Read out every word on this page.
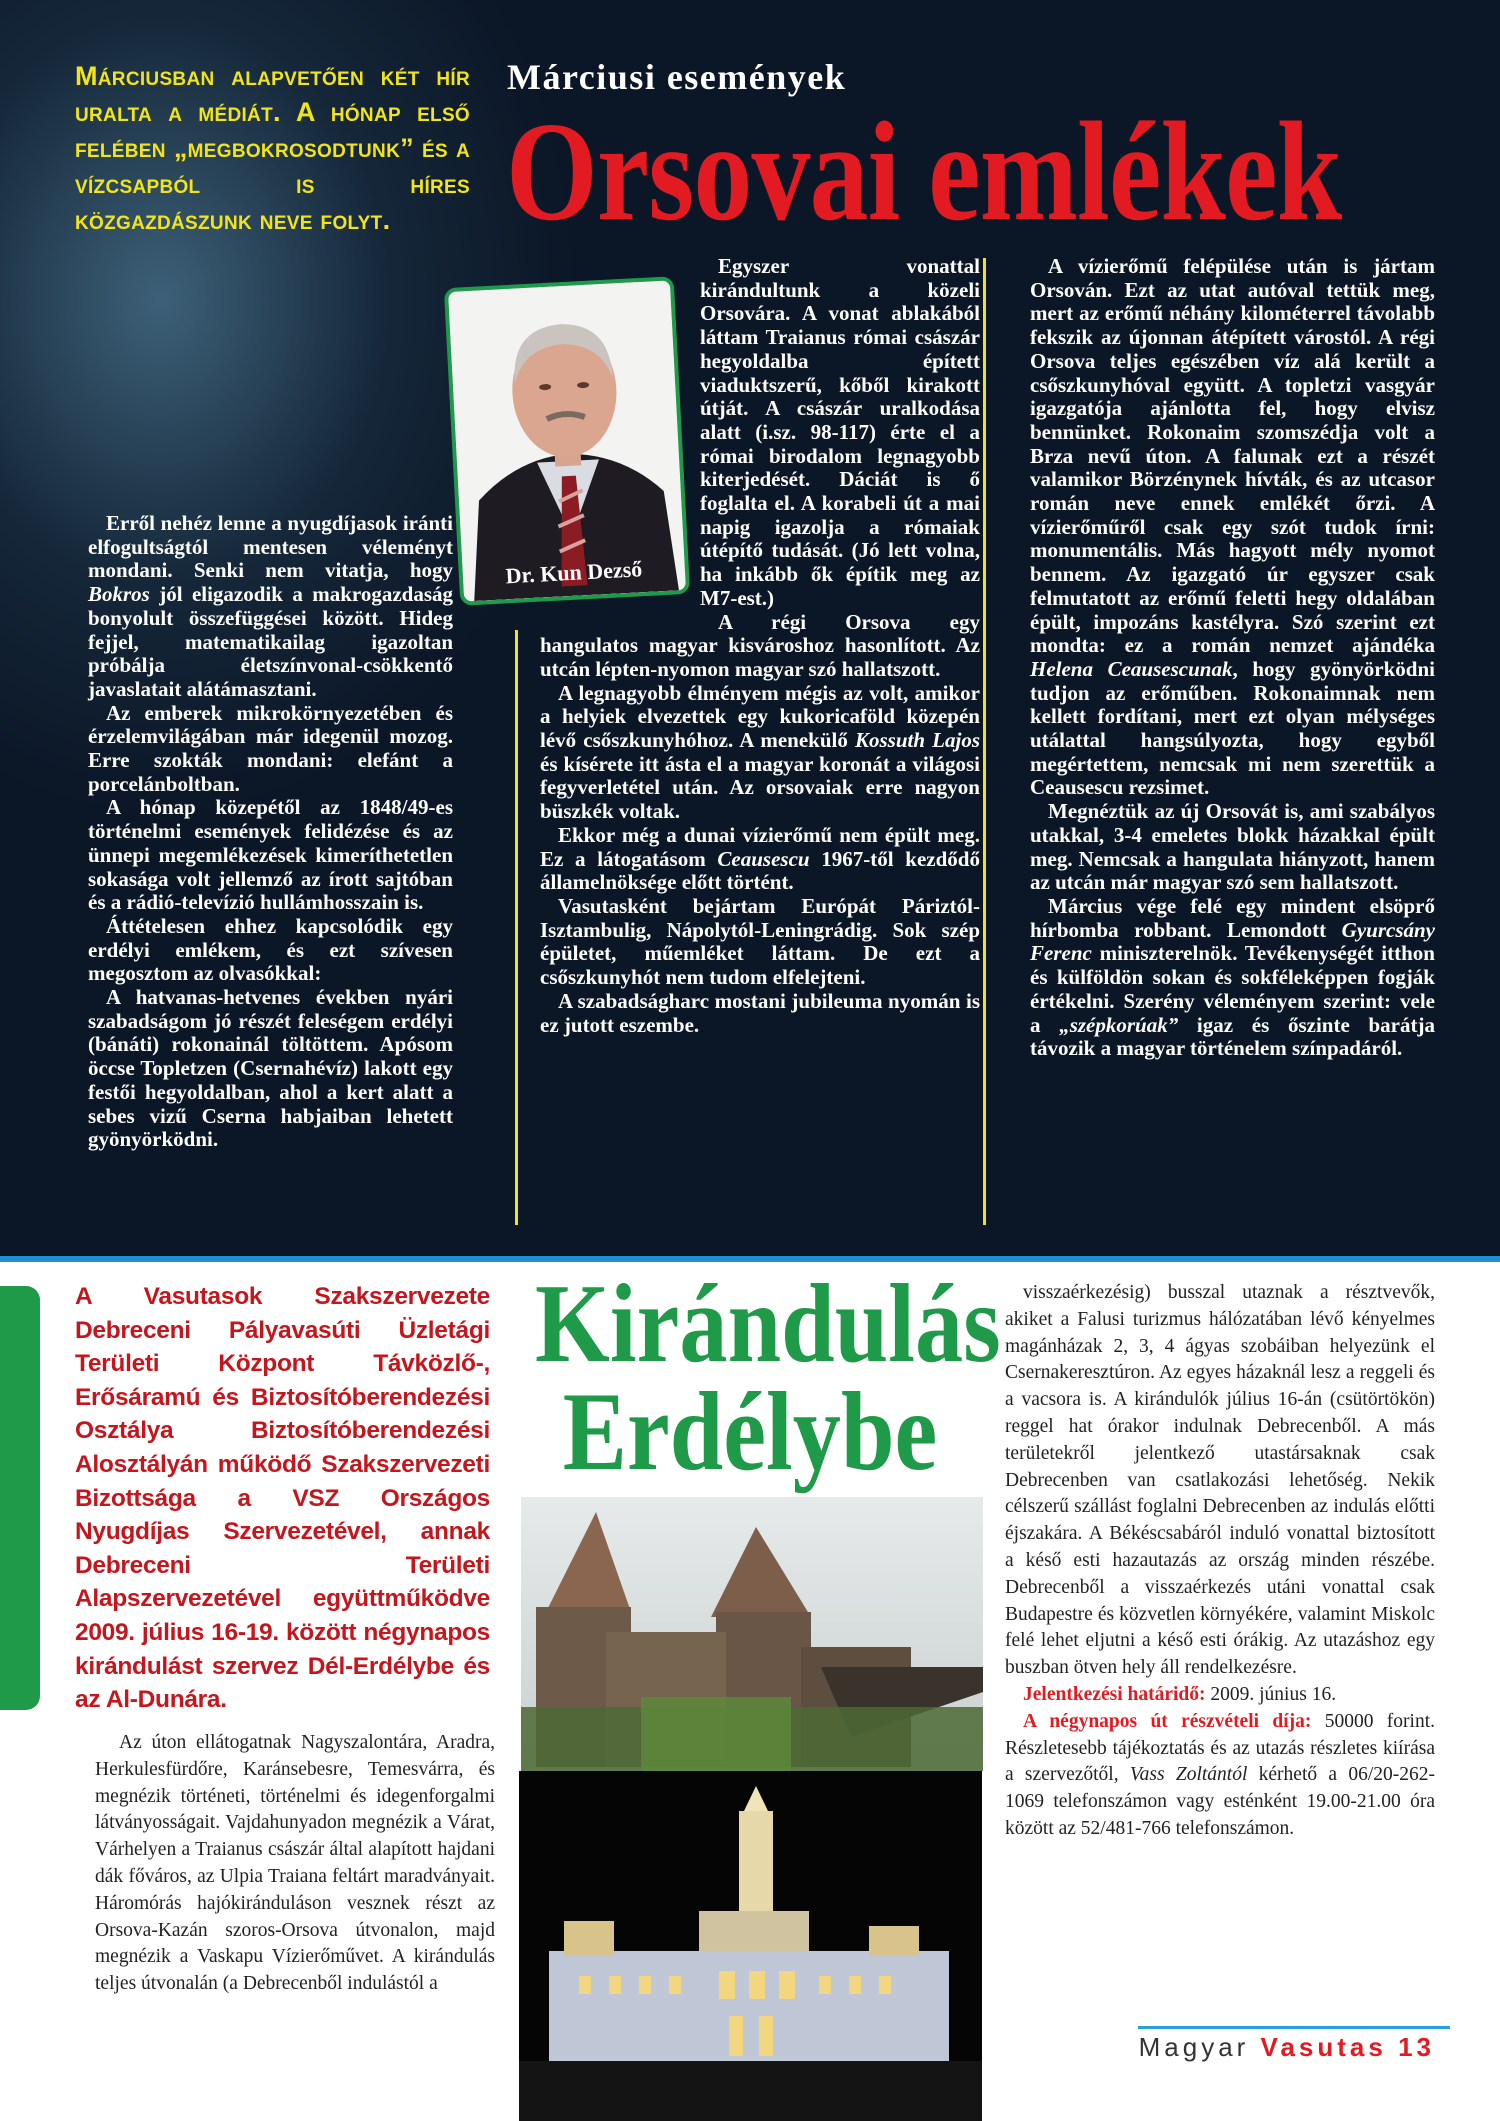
Márciusban alapvetően két hír uralta a médiát. A hónap első felében „megbokrosodtunk” és a vízcsapból is híres közgazdászunk neve folyt.
Márciusi események
Orsovai emlékek
Dr. Kun Dezső

Erről nehéz lenne a nyugdíjasok iránti elfogultságtól mentesen véleményt mondani. Senki nem vitatja, hogy Bokros jól eligazodik a makrogazdaság bonyolult összefüggései között. Hideg fejjel, matematikailag igazoltan próbálja életszínvonal-csökkentő javaslatait alátámasztani.

Az emberek mikrokörnyezetében és érzelemvilágában már idegenül mozog. Erre szokták mondani: elefánt a porcelánboltban.

A hónap közepétől az 1848/49-es történelmi események felidézése és az ünnepi megemlékezések kimeríthetetlen sokasága volt jellemző az írott sajtóban és a rádió-televízió hullámhosszain is.

Áttételesen ehhez kapcsolódik egy erdélyi emlékem, és ezt szívesen megosztom az olvasókkal:

A hatvanas-hetvenes években nyári szabadságom jó részét feleségem erdélyi (bánáti) rokonainál töltöttem. Apósom öccse Topletzen (Csernahévíz) lakott egy festői hegyoldalban, ahol a kert alatt a sebes vizű Cserna habjaiban lehetett gyönyörködni.

Egyszer vonattal kirándultunk a közeli Orsovára. A vonat ablakából láttam Traianus római császár hegyoldalba épített viaduktszerű, kőből kirakott útját. A császár uralkodása alatt (i.sz. 98-117) érte el a római birodalom legnagyobb kiterjedését. Dáciát is ő foglalta el. A korabeli út a mai napig igazolja a rómaiak útépítő tudását. (Jó lett volna, ha inkább ők építik meg az M7-est.)

A régi Orsova egy hangulatos magyar kisvároshoz hasonlított. Az utcán lépten-nyomon magyar szó hallatszott.

A legnagyobb élményem mégis az volt, amikor a helyiek elvezettek egy kukoricaföld közepén lévő csőszkunyhóhoz. A menekülő Kossuth Lajos és kísérete itt ásta el a magyar koronát a világosi fegyverletétel után. Az orsovaiak erre nagyon büszkék voltak.

Ekkor még a dunai vízierőmű nem épült meg. Ez a látogatásom Ceausescu 1967-től kezdődő államelnöksége előtt történt.

Vasutasként bejártam Európát Páriztól-Isztambulig, Nápolytól-Leningrádig. Sok szép épületet, műemléket láttam. De ezt a csőszkunyhót nem tudom elfelejteni.

A szabadságharc mostani jubileuma nyomán is ez jutott eszembe.

A vízierőmű felépülése után is jártam Orsován. Ezt az utat autóval tettük meg, mert az erőmű néhány kilométerrel távolabb fekszik az újonnan átépített várostól. A régi Orsova teljes egészében víz alá került a csőszkunyhóval együtt. A topletzi vasgyár igazgatója ajánlotta fel, hogy elvisz bennünket. Rokonaim szomszédja volt a Brza nevű úton. A falunak ezt a részét valamikor Börzénynek hívták, és az utcasor román neve ennek emlékét őrzi. A vízierőműről csak egy szót tudok írni: monumentális. Más hagyott mély nyomot bennem. Az igazgató úr egyszer csak felmutatott az erőmű feletti hegy oldalában épült, impozáns kastélyra. Szó szerint ezt mondta: ez a román nemzet ajándéka Helena Ceausescunak, hogy gyönyörködni tudjon az erőműben. Rokonaimnak nem kellett fordítani, mert ezt olyan mélységes utálattal hangsúlyozta, hogy egyből megértettem, nemcsak mi nem szerettük a Ceausescu rezsimet.

Megnéztük az új Orsovát is, ami szabályos utakkal, 3-4 emeletes blokk házakkal épült meg. Nemcsak a hangulata hiányzott, hanem az utcán már magyar szó sem hallatszott.

Március vége felé egy mindent elsöprő hírbomba robbant. Lemondott Gyurcsány Ferenc miniszterelnök. Tevékenységét itthon és külföldön sokan és sokféleképpen fogják értékelni. Szerény véleményem szerint: vele a „szépkorúak” igaz és őszinte barátja távozik a magyar történelem színpadáról.

A Vasutasok Szakszervezete Debreceni Pályavasúti Üzletági Területi Központ Távközlő-, Erősáramú és Biztosítóberendezési Osztálya Biztosítóberendezési Alosztályán működő Szakszervezeti Bizottsága a VSZ Országos Nyugdíjas Szervezetével, annak Debreceni Területi Alapszervezetével együttműködve 2009. július 16-19. között négynapos kirándulást szervez Dél-Erdélybe és az Al-Dunára.

Az úton ellátogatnak Nagyszalontára, Aradra, Herkulesfürdőre, Karánsebesre, Temesvárra, és megnézik történeti, történelmi és idegenforgalmi látványosságait. Vajdahunyadon megnézik a Várat, Várhelyen a Traianus császár által alapított hajdani dák főváros, az Ulpia Traiana feltárt maradványait. Háromórás hajókiránduláson vesznek részt az Orsova-Kazán szoros-Orsova útvonalon, majd megnézik a Vaskapu Vízierőművet. A kirándulás teljes útvonalán (a Debrecenből indulástól a

Kirándulás
Erdélybe

visszaérkezésig) busszal utaznak a résztvevők, akiket a Falusi turizmus hálózatában lévő kényelmes magánházak 2, 3, 4 ágyas szobáiban helyezünk el Csernakeresztúron. Az egyes házaknál lesz a reggeli és a vacsora is. A kirándulók július 16-án (csütörtökön) reggel hat órakor indulnak Debrecenből. A más területekről jelentkező utastársaknak csak Debrecenben van csatlakozási lehetőség. Nekik célszerű szállást foglalni Debrecenben az indulás előtti éjszakára. A Békéscsabáról induló vonattal biztosított a késő esti hazautazás az ország minden részébe. Debrecenből a visszaérkezés utáni vonattal csak Budapestre és közvetlen környékére, valamint Miskolc felé lehet eljutni a késő esti órákig. Az utazáshoz egy buszban ötven hely áll rendelkezésre.

Jelentkezési határidő: 2009. június 16.

A négynapos út részvételi díja: 50000 forint. Részletesebb tájékoztatás és az utazás részletes kiírása a szervezőtől, Vass Zoltántól kérhető a 06/20-262-1069 telefonszámon vagy esténként 19.00-21.00 óra között az 52/481-766 telefonszámon.

Magyar Vasutas 13
